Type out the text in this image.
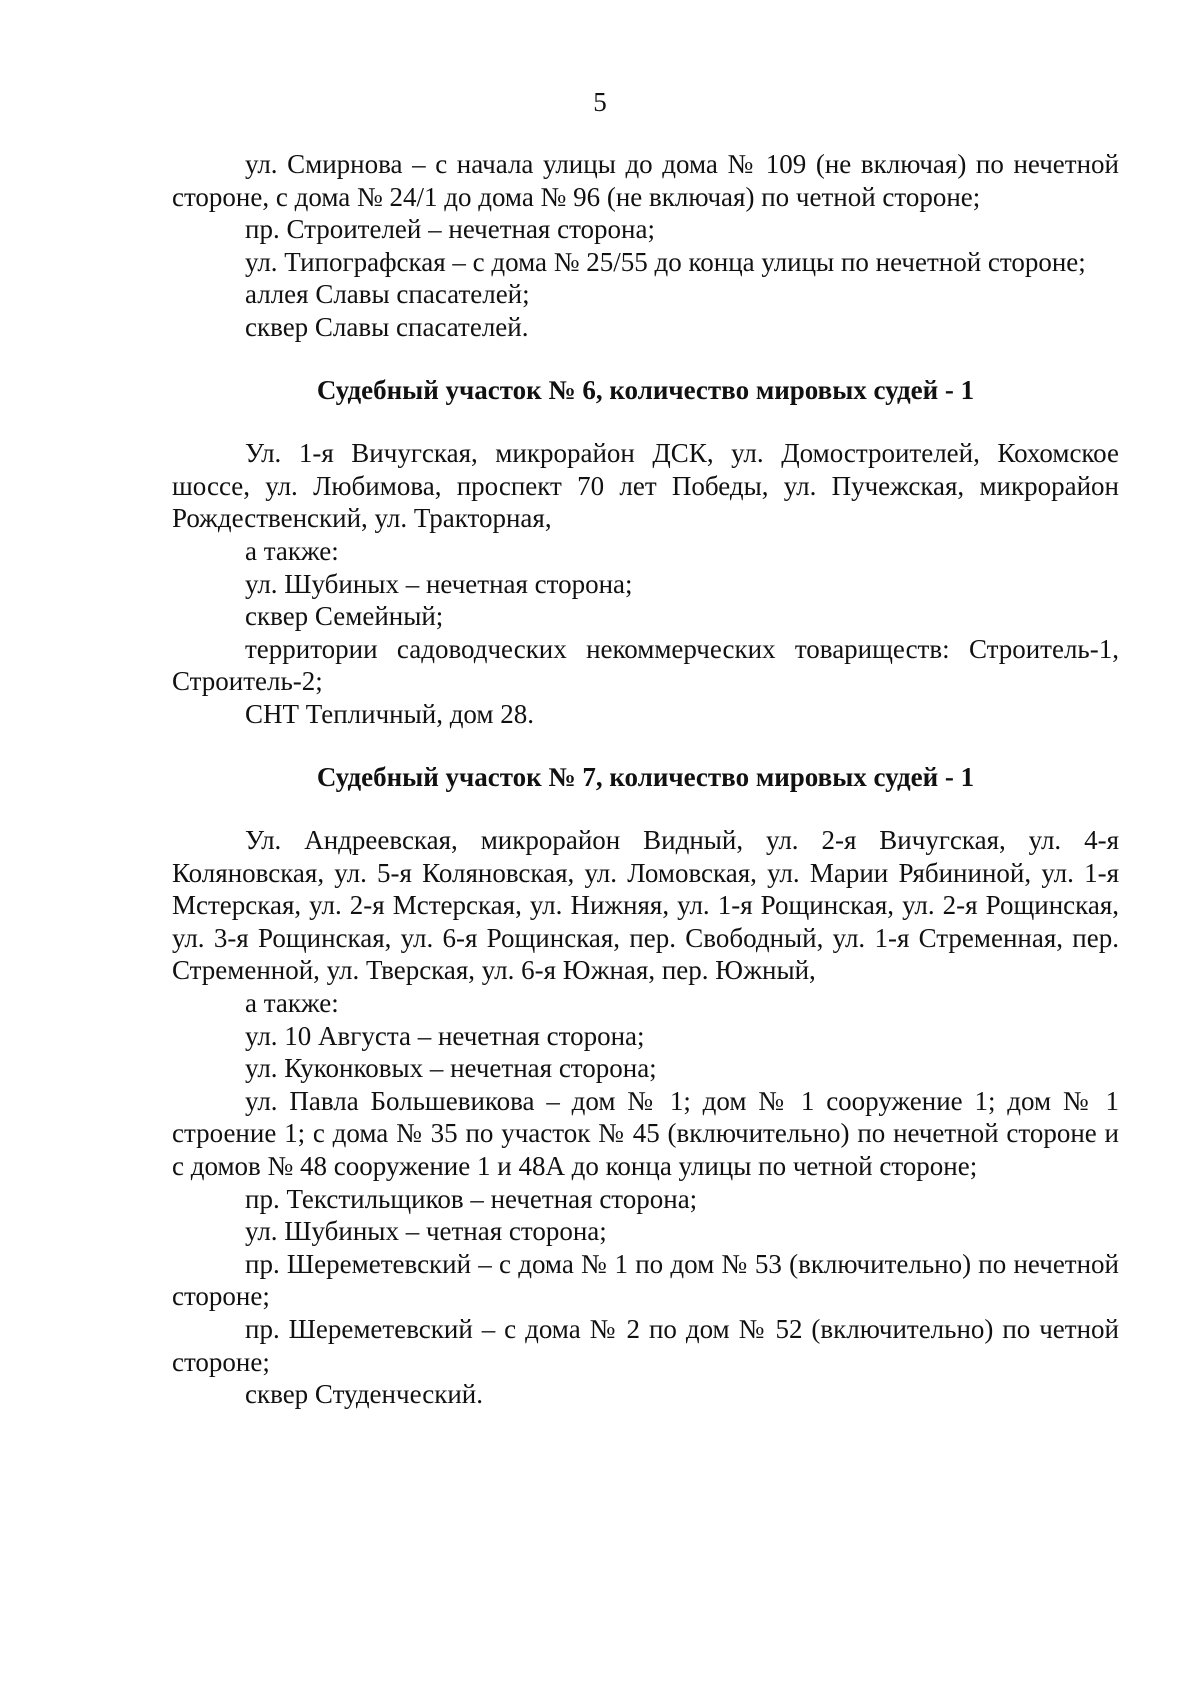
5

ул. Смирнова – с начала улицы до дома № 109 (не включая) по нечетной стороне, с дома № 24/1 до дома № 96 (не включая) по четной стороне;

пр. Строителей – нечетная сторона;

ул. Типографская – с дома № 25/55 до конца улицы по нечетной стороне;

аллея Славы спасателей;

сквер Славы спасателей.

Судебный участок № 6, количество мировых судей - 1

Ул. 1-я Вичугская, микрорайон ДСК, ул. Домостроителей, Кохомское шоссе, ул. Любимова, проспект 70 лет Победы, ул. Пучежская, микрорайон Рождественский, ул. Тракторная,

а также:

ул. Шубиных – нечетная сторона;

сквер Семейный;

территории садоводческих некоммерческих товариществ: Строитель-1, Строитель-2;

СНТ Тепличный, дом 28.

Судебный участок № 7, количество мировых судей - 1

Ул. Андреевская, микрорайон Видный, ул. 2-я Вичугская, ул. 4-я Коляновская, ул. 5-я Коляновская, ул. Ломовская, ул. Марии Рябининой, ул. 1-я Мстерская, ул. 2-я Мстерская, ул. Нижняя, ул. 1-я Рощинская, ул. 2-я Рощинская, ул. 3-я Рощинская, ул. 6-я Рощинская, пер. Свободный, ул. 1-я Стременная, пер. Стременной, ул. Тверская, ул. 6-я Южная, пер. Южный,

а также:

ул. 10 Августа – нечетная сторона;

ул. Куконковых – нечетная сторона;

ул. Павла Большевикова – дом № 1; дом № 1 сооружение 1; дом № 1 строение 1; с дома № 35 по участок № 45 (включительно) по нечетной стороне и с домов № 48 сооружение 1 и 48А до конца улицы по четной стороне;

пр. Текстильщиков – нечетная сторона;

ул. Шубиных – четная сторона;

пр. Шереметевский – с дома № 1 по дом № 53 (включительно) по нечетной стороне;

пр. Шереметевский – с дома № 2 по дом № 52 (включительно) по четной стороне;

сквер Студенческий.
